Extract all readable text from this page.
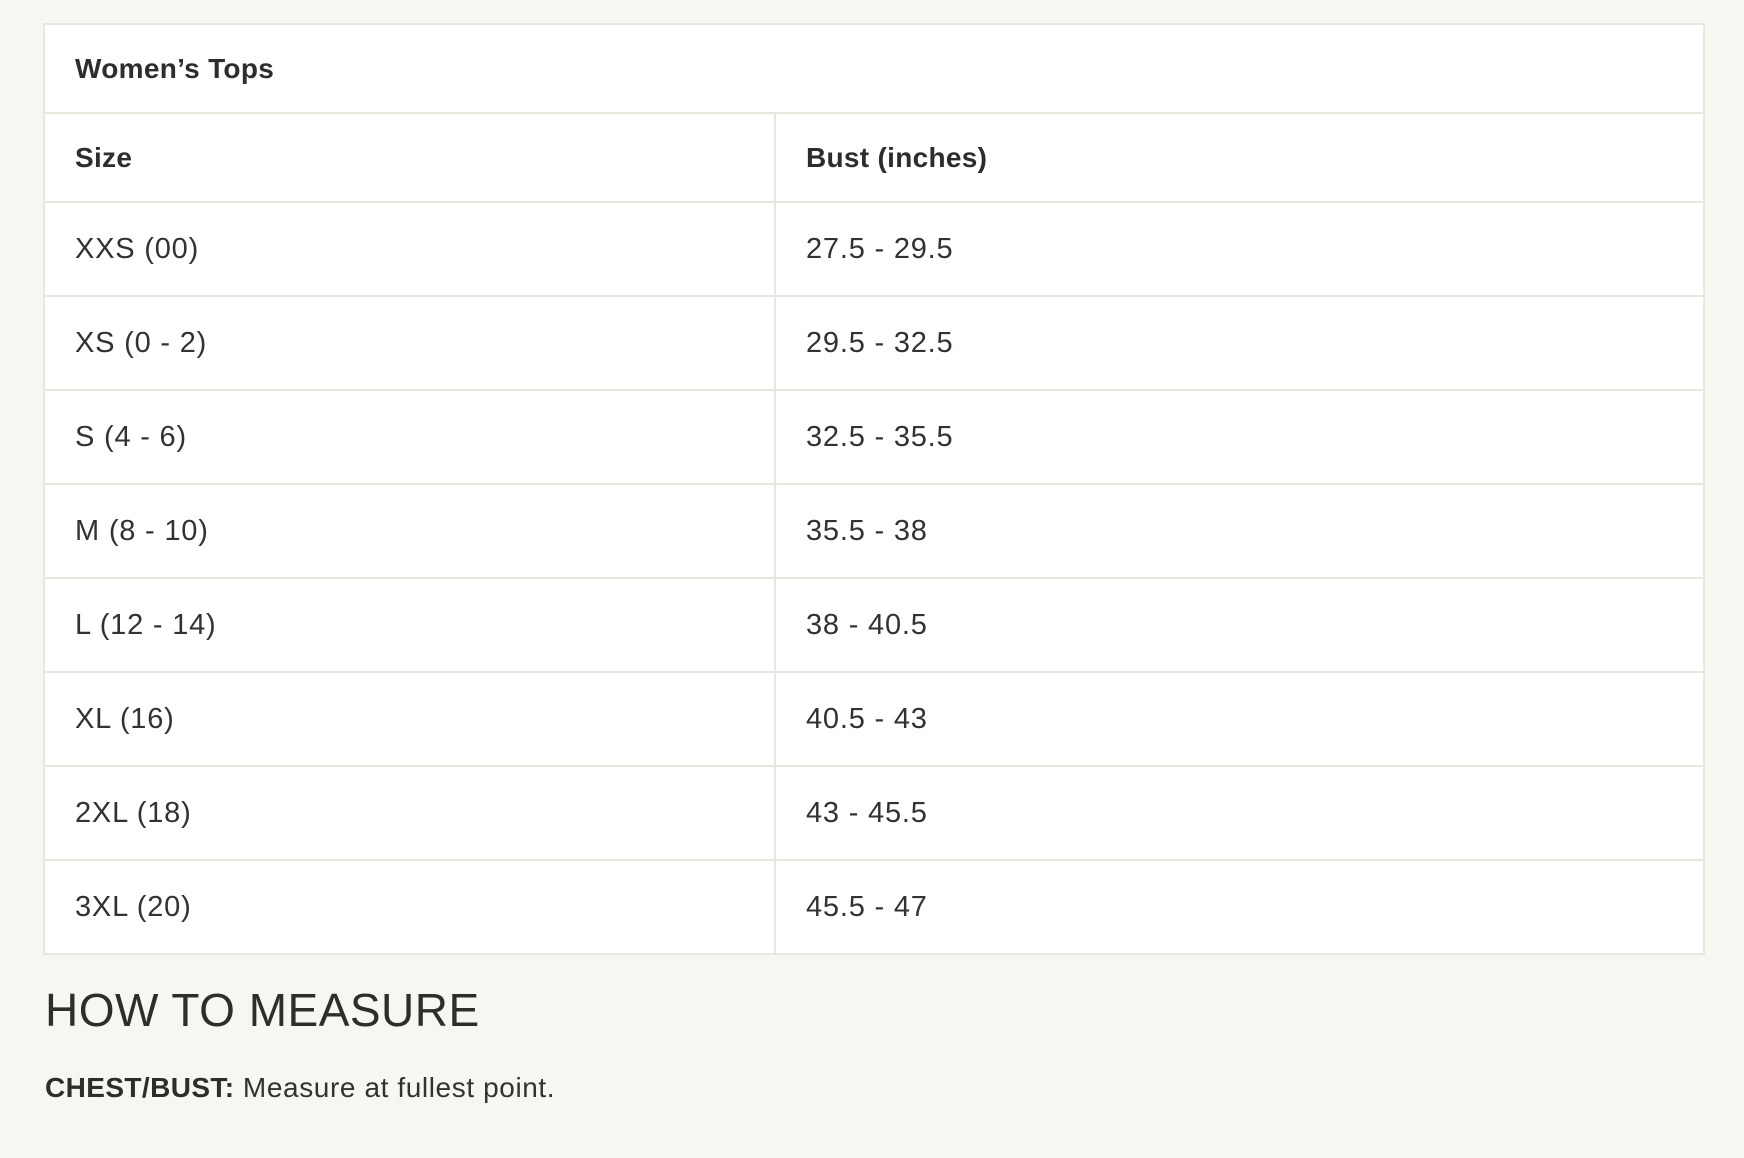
Women’s Tops	
Size	Bust (inches)
XXS (00)	27.5 - 29.5
XS (0 - 2)	29.5 - 32.5
S (4 - 6)	32.5 - 35.5
M (8 - 10)	35.5 - 38
L (12 - 14)	38 - 40.5
XL (16)	40.5 - 43
2XL (18)	43 - 45.5
3XL (20)	45.5 - 47
HOW TO MEASURE

CHEST/BUST: Measure at fullest point.
